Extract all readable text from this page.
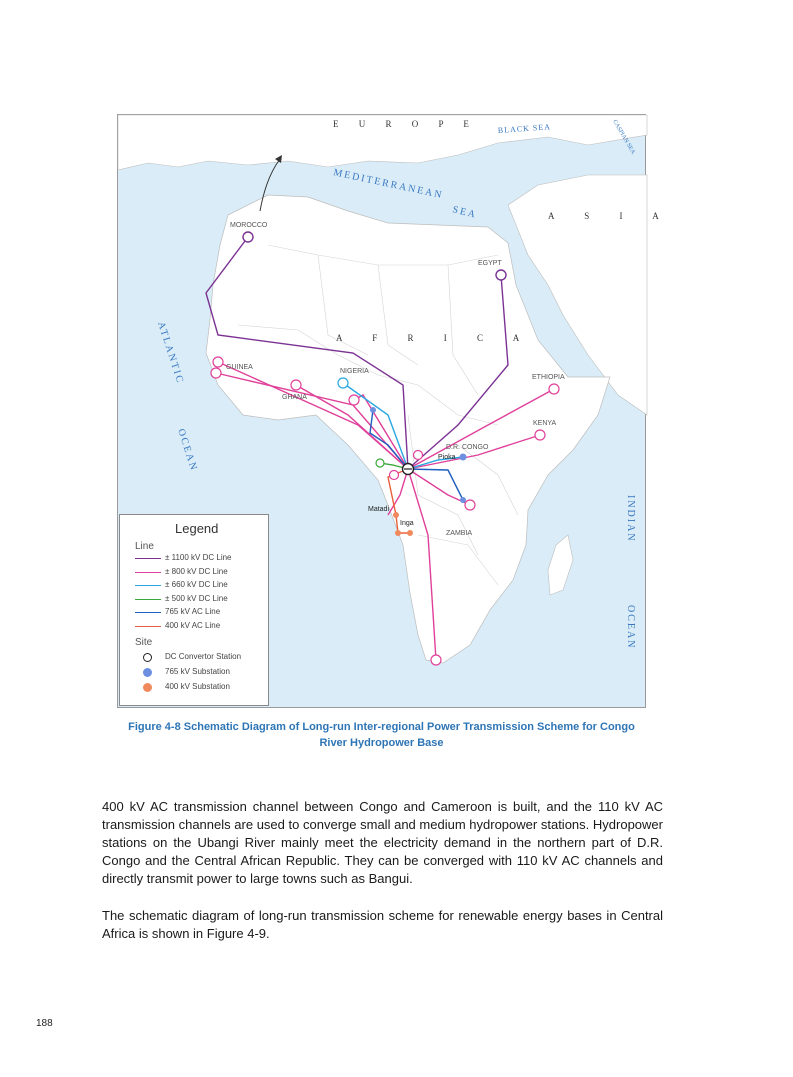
E U R O P E BLACK SEA	CASPIAN SEA
MEDITERRANEAN
SEA	A S I A
A F R I C A
ATLANTIC
OCEAN
INDIAN
OCEAN
MOROCCO
EGYPT
GUINEA
NIGERIA
GHANA
ETHIOPIA
KENYA
D.R. CONGO
Pioka
Matadi
Inga
ZAMBIA
Legend
Line
± 1100 kV DC Line
± 800 kV DC Line
± 660 kV DC Line
± 500 kV DC Line
765 kV AC Line
400 kV AC Line
Site
DC Convertor Station
765 kV Substation
400 kV Substation
Figure 4-8 Schematic Diagram of Long-run Inter-regional Power Transmission Scheme for Congo
River Hydropower Base

400 kV AC transmission channel between Congo and Cameroon is built, and the 110 kV AC transmission channels are used to converge small and medium hydropower stations. Hydropower stations on the Ubangi River mainly meet the electricity demand in the northern part of D.R. Congo and the Central African Republic. They can be converged with 110 kV AC channels and directly transmit power to large towns such as Bangui.

The schematic diagram of long-run transmission scheme for renewable energy bases in Central Africa is shown in Figure 4-9.

188
